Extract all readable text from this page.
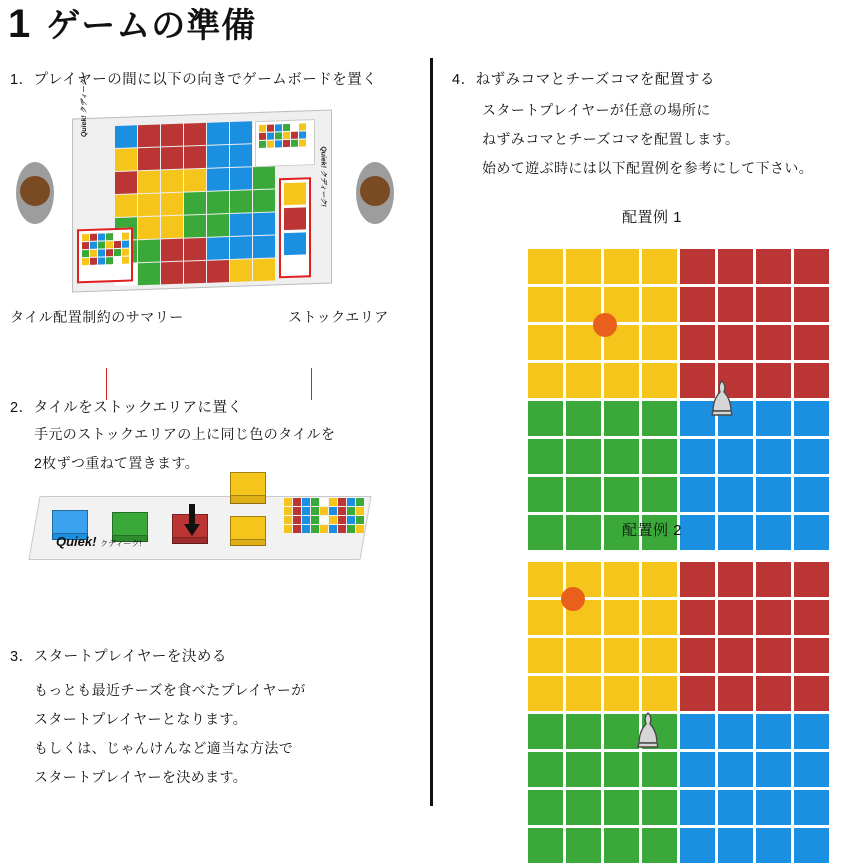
1 ゲームの準備
1．プレイヤーの間に以下の向きでゲームボードを置く
Quiek! クディーク!
Quiek! クディーク!
タイル配置制約のサマリー	ストックエリア
2．タイルをストックエリアに置く
手元のストックエリアの上に同じ色のタイルを
2枚ずつ重ねて置きます。
Quiek! クディーク!
3．スタートプレイヤーを決める
もっとも最近チーズを食べたプレイヤーが
スタートプレイヤーとなります。
もしくは、じゃんけんなど適当な方法で
スタートプレイヤーを決めます。
4．ねずみコマとチーズコマを配置する
スタートプレイヤーが任意の場所に
ねずみコマとチーズコマを配置します。
始めて遊ぶ時には以下配置例を参考にして下さい。
配置例 1
配置例 2
